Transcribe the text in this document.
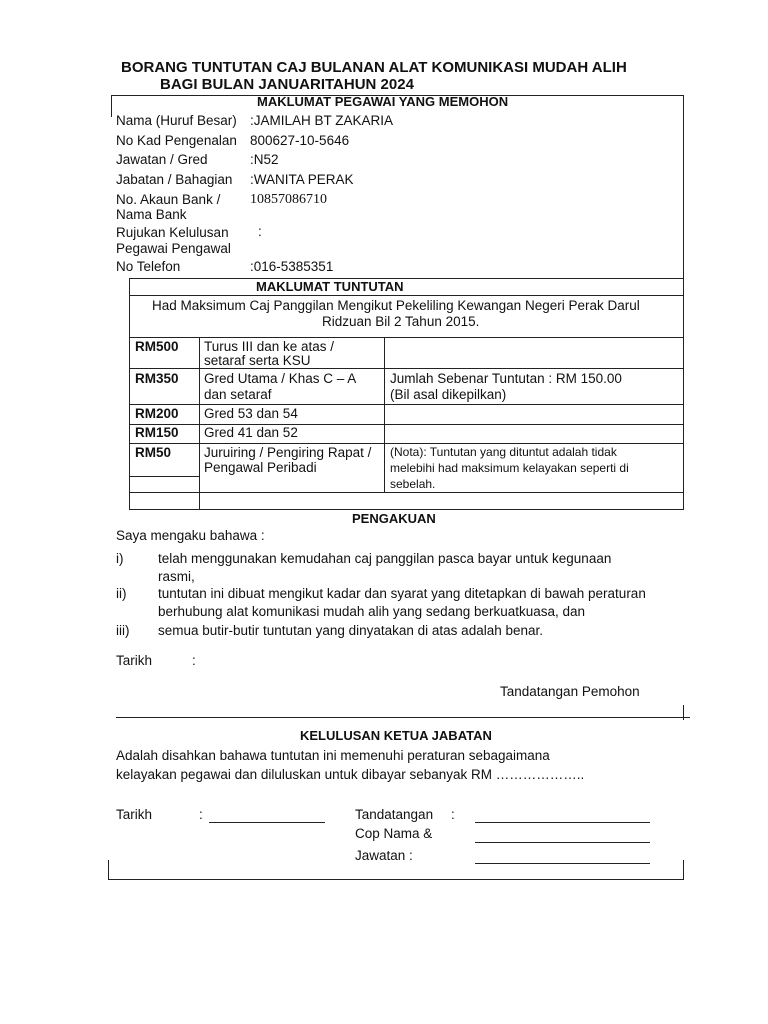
BORANG TUNTUTAN CAJ BULANAN ALAT KOMUNIKASI MUDAH ALIH
BAGI BULAN JANUARITAHUN 2024
MAKLUMAT PEGAWAI YANG MEMOHON
Nama (Huruf Besar) :JAMILAH BT ZAKARIA
No Kad Pengenalan 800627-10-5646
Jawatan / Gred	:N52
Jabatan / Bahagian :WANITA PERAK
No. Akaun Bank /
Nama Bank
10857086710
Rujukan Kelulusan
Pegawai Pengawal
:
No Telefon	:016-5385351
MAKLUMAT TUNTUTAN
Had Maksimum Caj Panggilan Mengikut Pekeliling Kewangan Negeri Perak Darul
Ridzuan Bil 2 Tahun 2015.
RM500 Turus III dan ke atas /
setaraf serta KSU
RM350 Gred Utama / Khas C – A
dan setaraf
Jumlah Sebenar Tuntutan : RM 150.00
(Bil asal dikepilkan)
RM200 Gred 53 dan 54
RM150 Gred 41 dan 52
RM50 Juruiring / Pengiring Rapat /
Pengawal Peribadi
(Nota): Tuntutan yang dituntut adalah tidak
melebihi had maksimum kelayakan seperti di
sebelah.
PENGAKUAN
Saya mengaku bahawa :
i)	telah menggunakan kemudahan caj panggilan pasca bayar untuk kegunaan
rasmi,
ii) tuntutan ini dibuat mengikut kadar dan syarat yang ditetapkan di bawah peraturan
berhubung alat komunikasi mudah alih yang sedang berkuatkuasa, dan
iii) semua butir-butir tuntutan yang dinyatakan di atas adalah benar.
Tarikh	:
Tandatangan Pemohon
KELULUSAN KETUA JABATAN
Adalah disahkan bahawa tuntutan ini memenuhi peraturan sebagaimana
kelayakan pegawai dan diluluskan untuk dibayar sebanyak RM ………………..
Tarikh	:	Tandatangan :
Cop Nama &
Jawatan :
